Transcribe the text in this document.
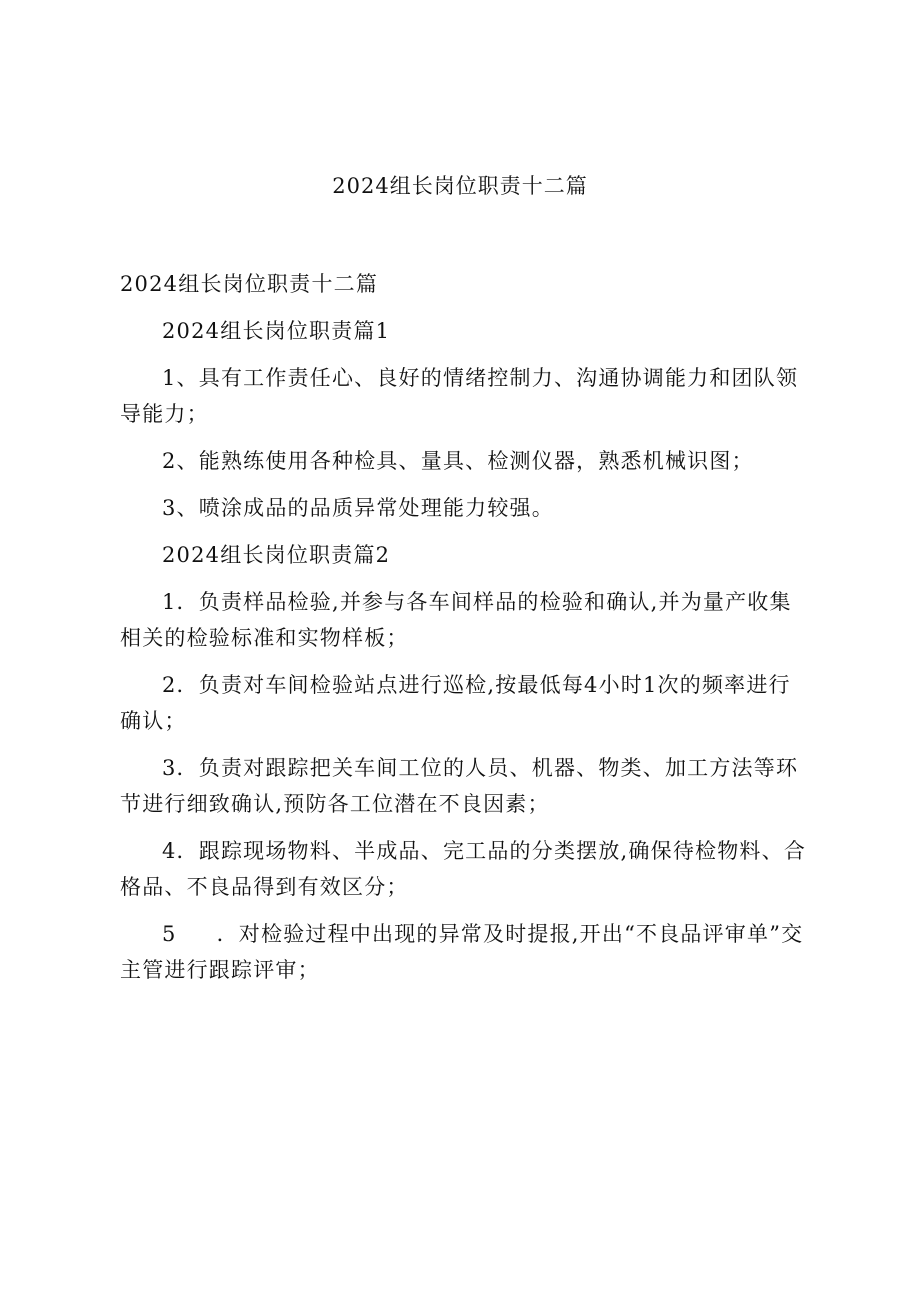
2024组长岗位职责十二篇

2024组长岗位职责十二篇

2024组长岗位职责篇1

1、具有工作责任心、良好的情绪控制力、沟通协调能力和团队领导能力；

2、能熟练使用各种检具、量具、检测仪器，熟悉机械识图；

3、喷涂成品的品质异常处理能力较强。

2024组长岗位职责篇2

1．负责样品检验,并参与各车间样品的检验和确认,并为量产收集相关的检验标准和实物样板；

2．负责对车间检验站点进行巡检,按最低每4小时1次的频率进行确认；

3．负责对跟踪把关车间工位的人员、机器、物类、加工方法等环节进行细致确认,预防各工位潜在不良因素；

4．跟踪现场物料、半成品、完工品的分类摆放,确保待检物料、合格品、不良品得到有效区分；

5 ．对检验过程中出现的异常及时提报,开出“不良品评审单”交主管进行跟踪评审；
